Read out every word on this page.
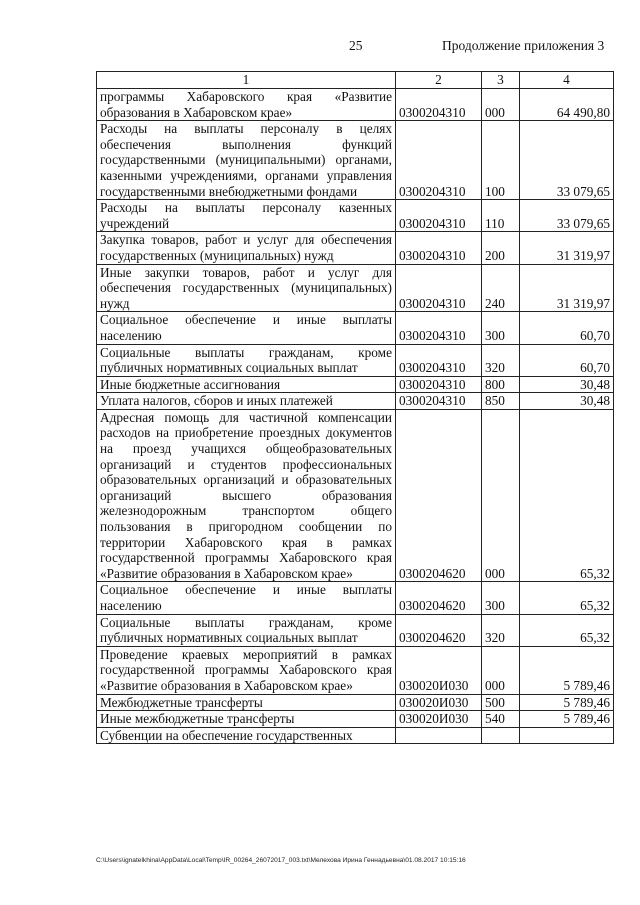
25	Продолжение приложения 3
1	2	3	4
программы Хабаровского края «Развитие образования в Хабаровском крае»	0300204310	000	64 490,80
Расходы на выплаты персоналу в целях обеспечения выполнения функций государственными (муниципальными) органами, казенными учреждениями, органами управления государственными внебюджетными фондами	0300204310	100	33 079,65
Расходы на выплаты персоналу казенных учреждений	0300204310	110	33 079,65
Закупка товаров, работ и услуг для обеспечения государственных (муниципальных) нужд	0300204310	200	31 319,97
Иные закупки товаров, работ и услуг для обеспечения государственных (муниципальных) нужд	0300204310	240	31 319,97
Социальное обеспечение и иные выплаты населению	0300204310	300	60,70
Социальные выплаты гражданам, кроме публичных нормативных социальных выплат	0300204310	320	60,70
Иные бюджетные ассигнования	0300204310	800	30,48
Уплата налогов, сборов и иных платежей	0300204310	850	30,48
Адресная помощь для частичной компенсации расходов на приобретение проездных документов на проезд учащихся общеобразовательных организаций и студентов профессиональных образовательных организаций и образовательных организаций высшего образования железнодорожным транспортом общего пользования в пригородном сообщении по территории Хабаровского края в рамках государственной программы Хабаровского края «Развитие образования в Хабаровском крае»	0300204620	000	65,32
Социальное обеспечение и иные выплаты населению	0300204620	300	65,32
Социальные выплаты гражданам, кроме публичных нормативных социальных выплат	0300204620	320	65,32
Проведение краевых мероприятий в рамках государственной программы Хабаровского края «Развитие образования в Хабаровском крае»	030020И030	000	5 789,46
Межбюджетные трансферты	030020И030	500	5 789,46
Иные межбюджетные трансферты	030020И030	540	5 789,46
Субвенции на обеспечение государственных			
C:\Users\ignatelkhina\AppData\Local\Temp\IR_00264_26072017_003.txt\Мелехова Ирина Геннадьевна\01.08.2017 10:15:16
